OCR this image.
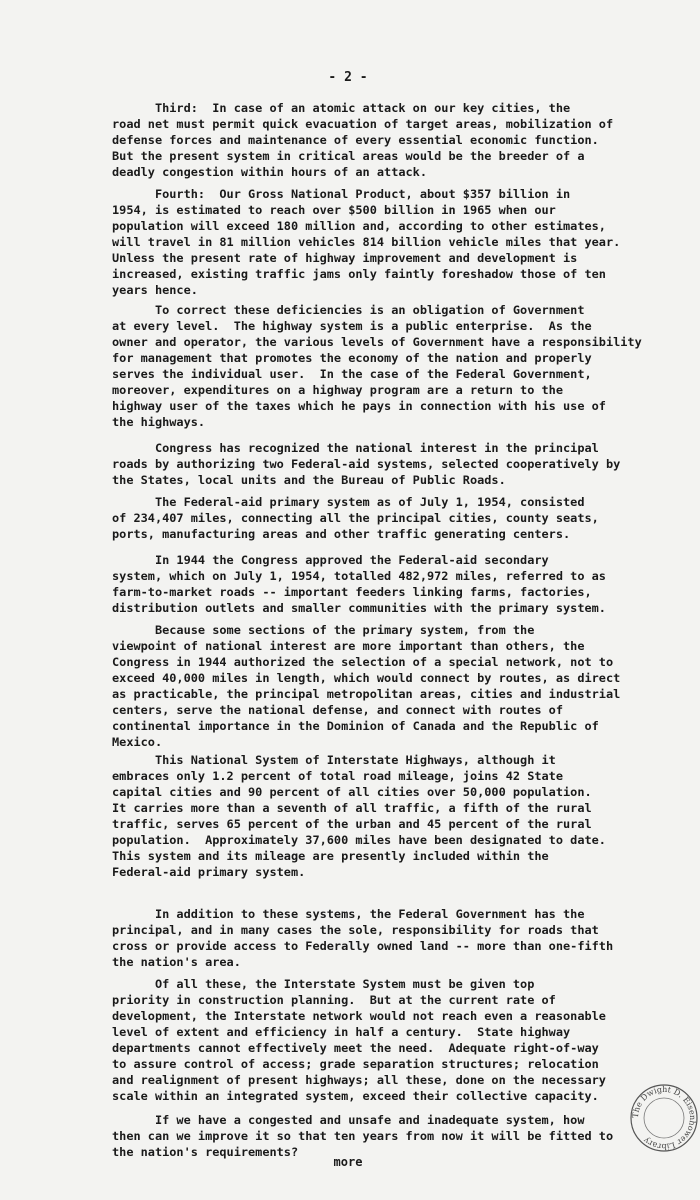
- 2 -

Third:  In case of an atomic attack on our key cities, the
road net must permit quick evacuation of target areas, mobilization of
defense forces and maintenance of every essential economic function.
But the present system in critical areas would be the breeder of a
deadly congestion within hours of an attack.

Fourth:  Our Gross National Product, about $357 billion in
1954, is estimated to reach over $500 billion in 1965 when our
population will exceed 180 million and, according to other estimates,
will travel in 81 million vehicles 814 billion vehicle miles that year.
Unless the present rate of highway improvement and development is
increased, existing traffic jams only faintly foreshadow those of ten
years hence.

To correct these deficiencies is an obligation of Government
at every level.  The highway system is a public enterprise.  As the
owner and operator, the various levels of Government have a responsibility
for management that promotes the economy of the nation and properly
serves the individual user.  In the case of the Federal Government,
moreover, expenditures on a highway program are a return to the
highway user of the taxes which he pays in connection with his use of
the highways.

Congress has recognized the national interest in the principal
roads by authorizing two Federal-aid systems, selected cooperatively by
the States, local units and the Bureau of Public Roads.

The Federal-aid primary system as of July 1, 1954, consisted
of 234,407 miles, connecting all the principal cities, county seats,
ports, manufacturing areas and other traffic generating centers.

In 1944 the Congress approved the Federal-aid secondary
system, which on July 1, 1954, totalled 482,972 miles, referred to as
farm-to-market roads -- important feeders linking farms, factories,
distribution outlets and smaller communities with the primary system.

Because some sections of the primary system, from the
viewpoint of national interest are more important than others, the
Congress in 1944 authorized the selection of a special network, not to
exceed 40,000 miles in length, which would connect by routes, as direct
as practicable, the principal metropolitan areas, cities and industrial
centers, serve the national defense, and connect with routes of
continental importance in the Dominion of Canada and the Republic of
Mexico.

This National System of Interstate Highways, although it
embraces only 1.2 percent of total road mileage, joins 42 State
capital cities and 90 percent of all cities over 50,000 population.
It carries more than a seventh of all traffic, a fifth of the rural
traffic, serves 65 percent of the urban and 45 percent of the rural
population.  Approximately 37,600 miles have been designated to date.
This system and its mileage are presently included within the
Federal-aid primary system.

In addition to these systems, the Federal Government has the
principal, and in many cases the sole, responsibility for roads that
cross or provide access to Federally owned land -- more than one-fifth
the nation's area.

Of all these, the Interstate System must be given top
priority in construction planning.  But at the current rate of
development, the Interstate network would not reach even a reasonable
level of extent and efficiency in half a century.  State highway
departments cannot effectively meet the need.  Adequate right-of-way
to assure control of access; grade separation structures; relocation
and realignment of present highways; all these, done on the necessary
scale within an integrated system, exceed their collective capacity.

If we have a congested and unsafe and inadequate system, how
then can we improve it so that ten years from now it will be fitted to
the nation's requirements?

more
The Dwight D. Eisenhower Library
